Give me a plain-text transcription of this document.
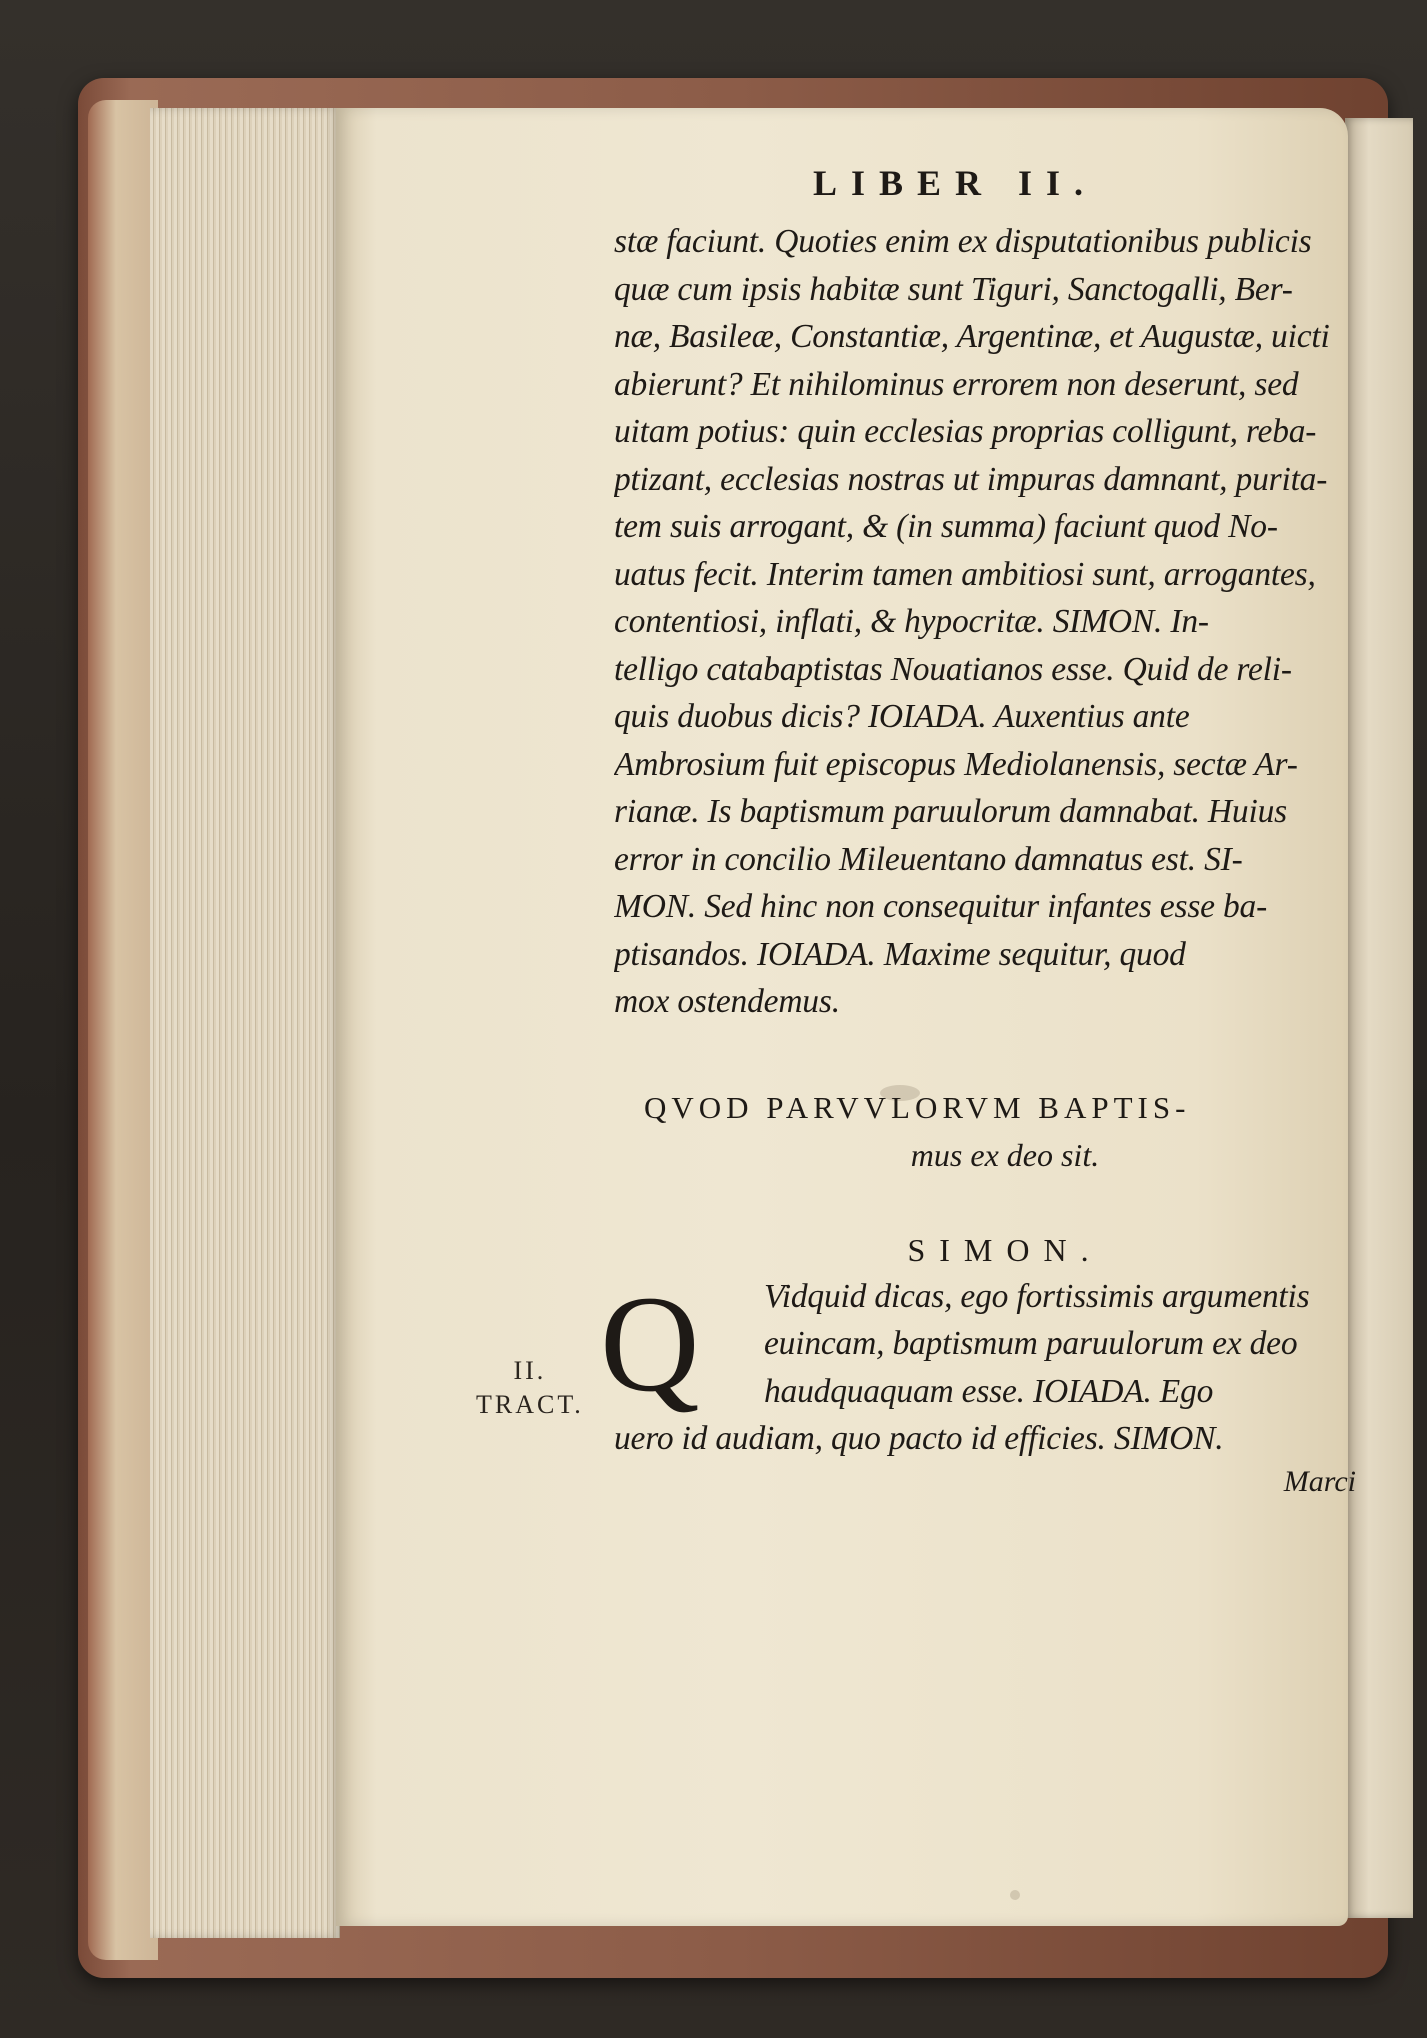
II.
TRACT.
LIBER II.
stæ faciunt. Quoties enim ex disputationibus publicis
quæ cum ipsis habitæ sunt Tiguri, Sanctogalli, Ber-
næ, Basileæ, Constantiæ, Argentinæ, et Augustæ, uicti
abierunt? Et nihilominus errorem non deserunt, sed
uitam potius: quin ecclesias proprias colligunt, reba-
ptizant, ecclesias nostras ut impuras damnant, purita-
tem suis arrogant, & (in summa) faciunt quod No-
uatus fecit. Interim tamen ambitiosi sunt, arrogantes,
contentiosi, inflati, & hypocritæ. SIMON. In-
telligo catabaptistas Nouatianos esse. Quid de reli-
quis duobus dicis? IOIADA. Auxentius ante
Ambrosium fuit episcopus Mediolanensis, sectæ Ar-
rianæ. Is baptismum paruulorum damnabat. Huius
error in concilio Mileuentano damnatus est. SI-
MON. Sed hinc non consequitur infantes esse ba-
ptisandos. IOIADA. Maxime sequitur, quod
mox ostendemus.
QVOD PARVVLORVM BAPTIS-
mus ex deo sit.
SIMON.
Q	Vidquid dicas, ego fortissimis argumentis
euincam, baptismum paruulorum ex deo
haudquaquam esse. IOIADA. Ego
uero id audiam, quo pacto id efficies. SIMON.
Marci
